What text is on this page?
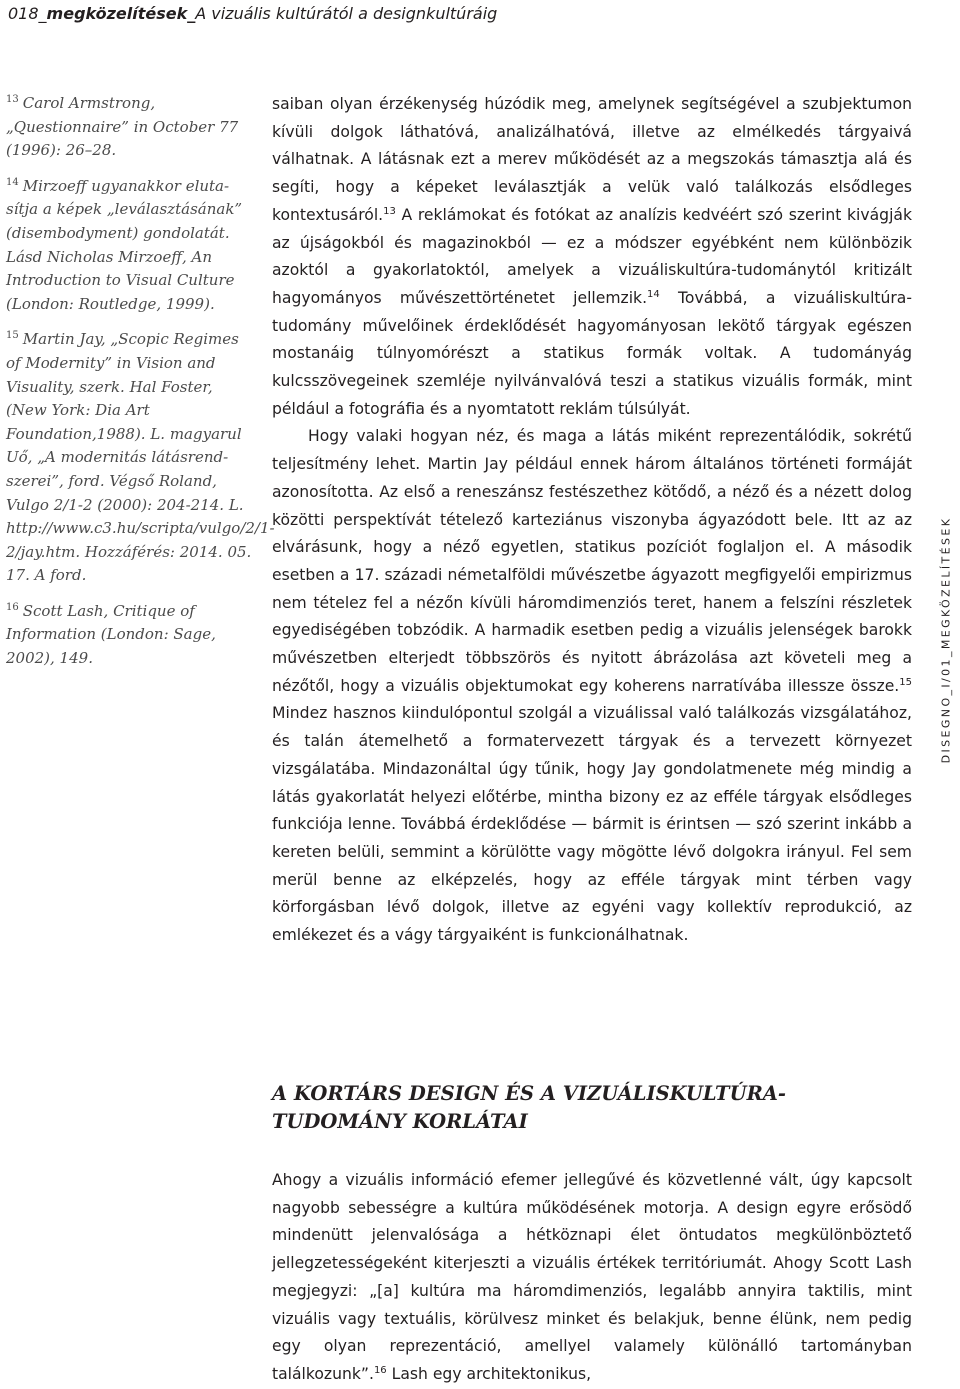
018_megközelítések_A vizuális kultúrától a designkultúráig

$^{13}$ Carol Armstrong, „Questionnaire” in October 77 (1996): 26–28.

$^{14}$ Mirzoeff ugyanakkor elutasítja a képek „leválasztásának” (disembodyment) gondolatát. Lásd Nicholas Mirzoeff, An Introduction to Visual Culture (London: Routledge, 1999).

$^{15}$ Martin Jay, „Scopic Regimes of Modernity” in Vision and Visuality, szerk. Hal Foster, (New York: Dia Art Foundation,1988). L. magyarul Uő, „A modernitás látásrendszerei”, ford. Végső Roland, Vulgo 2/1-2 (2000): 204-214. L. http://www.c3.hu/scripta/vulgo/2/1-2/jay.htm. Hozzáférés: 2014. 05. 17. A ford.

$^{16}$ Scott Lash, Critique of Information (London: Sage, 2002), 149.

saiban olyan érzékenység húzódik meg, amelynek segítségével a szubjektumon kívüli dolgok láthatóvá, analizálhatóvá, illetve az elmélkedés tárgyaivá válhatnak. A látásnak ezt a merev működését az a megszokás támasztja alá és segíti, hogy a képeket leválasztják a velük való találkozás elsődleges kontextusáról.$^{13}$ A reklámokat és fotókat az analízis kedvéért szó szerint kivágják az újságokból és magazinokból — ez a módszer egyébként nem különbözik azoktól a gyakorlatoktól, amelyek a vizuáliskultúra-tudománytól kritizált hagyományos művészettörténetet jellemzik.$^{14}$ Továbbá, a vizuáliskultúra-tudomány művelőinek érdeklődését hagyományosan lekötő tárgyak egészen mostanáig túlnyomórészt a statikus formák voltak. A tudományág kulcsszövegeinek szemléje nyilvánvalóvá teszi a statikus vizuális formák, mint például a fotográfia és a nyomtatott reklám túlsúlyát.

Hogy valaki hogyan néz, és maga a látás miként reprezentálódik, sokrétű teljesítmény lehet. Martin Jay például ennek három általános történeti formáját azonosította. Az első a reneszánsz festészethez kötődő, a néző és a nézett dolog közötti perspektívát tételező karteziánus viszonyba ágyazódott bele. Itt az az elvárásunk, hogy a néző egyetlen, statikus pozíciót foglaljon el. A második esetben a 17. századi németalföldi művészetbe ágyazott megfigyelői empirizmus nem tételez fel a nézőn kívüli háromdimenziós teret, hanem a felszíni részletek egyediségében tobzódik. A harmadik esetben pedig a vizuális jelenségek barokk művészetben elterjedt többszörös és nyitott ábrázolása azt követeli meg a nézőtől, hogy a vizuális objektumokat egy koherens narratívába illessze össze.$^{15}$ Mindez hasznos kiindulópontul szolgál a vizuálissal való találkozás vizsgálatához, és talán átemelhető a formatervezett tárgyak és a tervezett környezet vizsgálatába. Mindazonáltal úgy tűnik, hogy Jay gondolatmenete még mindig a látás gyakorlatát helyezi előtérbe, mintha bizony ez az efféle tárgyak elsődleges funkciója lenne. Továbbá érdeklődése — bármit is érintsen — szó szerint inkább a kereten belüli, semmint a körülötte vagy mögötte lévő dolgokra irányul. Fel sem merül benne az elképzelés, hogy az efféle tárgyak mint térben vagy körforgásban lévő dolgok, illetve az egyéni vagy kollektív reprodukció, az emlékezet és a vágy tárgyaiként is funkcionálhatnak.

DISEGNO_I/01_MEGKÖZELÍTÉSEK
A KORTÁRS DESIGN ÉS A VIZUÁLISKULTÚRA-TUDOMÁNY KORLÁTAI

Ahogy a vizuális információ efemer jellegűvé és közvetlenné vált, úgy kapcsolt nagyobb sebességre a kultúra működésének motorja. A design egyre erősödő mindenütt jelenvalósága a hétköznapi élet öntudatos megkülönböztető jellegzetességeként kiterjeszti a vizuális értékek territóriumát. Ahogy Scott Lash megjegyzi: „[a] kultúra ma háromdimenziós, legalább annyira taktilis, mint vizuális vagy textuális, körülvesz minket és belakjuk, benne élünk, nem pedig egy olyan reprezentáció, amellyel valamely különálló tartományban találkozunk”.$^{16}$ Lash egy architektonikus,
